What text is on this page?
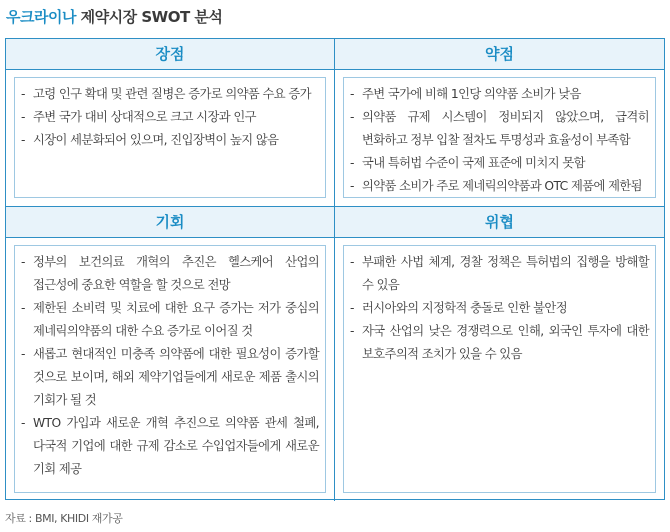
우크라이나 제약시장 SWOT 분석
장점
- 고령 인구 확대 및 관련 질병은 증가로 의약품 수요 증가
- 주변 국가 대비 상대적으로 크고 시장과 인구
- 시장이 세분화되어 있으며, 진입장벽이 높지 않음
약점
- 주변 국가에 비해 1인당 의약품 소비가 낮음
- 의약품 규제 시스템이 정비되지 않았으며, 급격히 변화하고 정부 입찰 절차도 투명성과 효율성이 부족함
- 국내 특허법 수준이 국제 표준에 미치지 못함
- 의약품 소비가 주로 제네릭의약품과 OTC 제품에 제한됨
기회
- 정부의 보건의료 개혁의 추진은 헬스케어 산업의 접근성에 중요한 역할을 할 것으로 전망
- 제한된 소비력 및 치료에 대한 요구 증가는 저가 중심의 제네릭의약품의 대한 수요 증가로 이어질 것
- 새롭고 현대적인 미충족 의약품에 대한 필요성이 증가할 것으로 보이며, 해외 제약기업들에게 새로운 제품 출시의 기회가 될 것
- WTO 가입과 새로운 개혁 추진으로 의약품 관세 철폐, 다국적 기업에 대한 규제 감소로 수입업자들에게 새로운 기회 제공
위협
- 부패한 사법 체계, 경찰 정책은 특허법의 집행을 방해할 수 있음
- 러시아와의 지정학적 충돌로 인한 불안정
- 자국 산업의 낮은 경쟁력으로 인해, 외국인 투자에 대한 보호주의적 조치가 있을 수 있음
자료 : BMI, KHIDI 재가공
